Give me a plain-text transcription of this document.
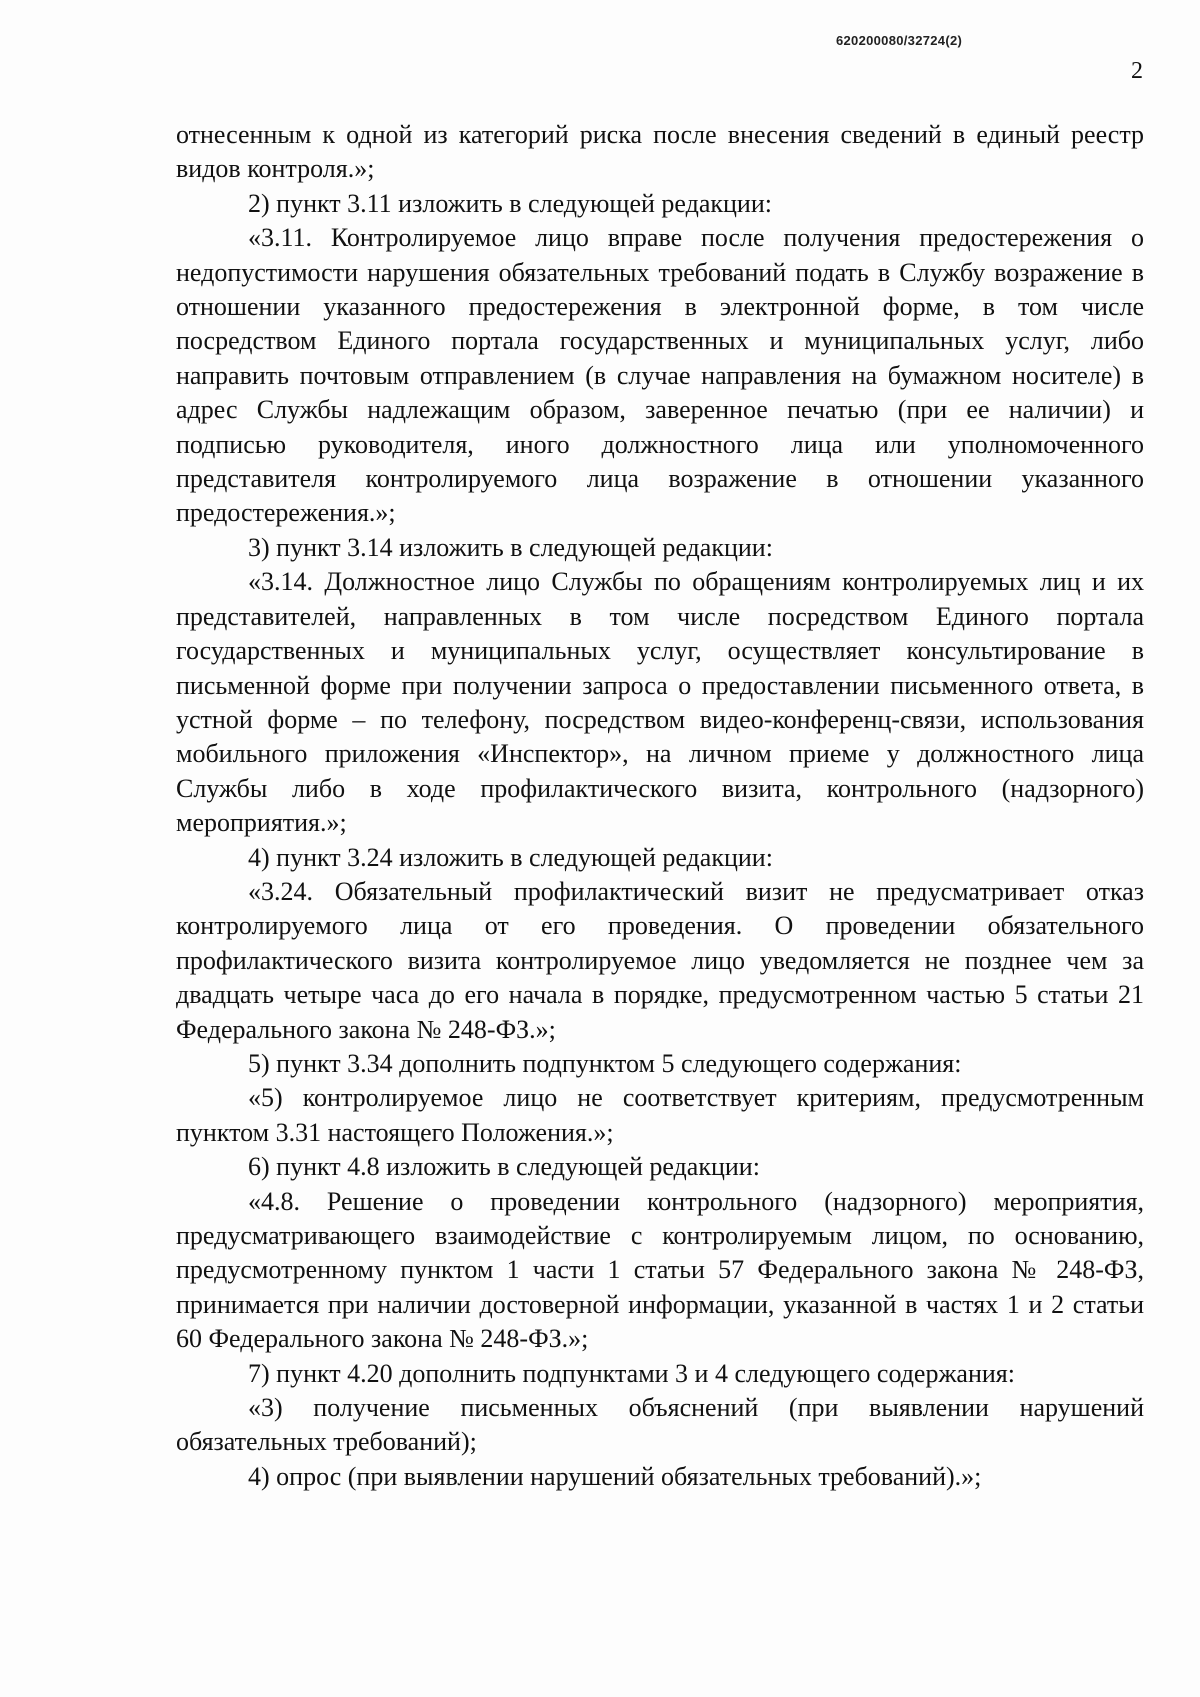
620200080/32724(2)
2

отнесенным к одной из категорий риска после внесения сведений в единый реестр видов контроля.»;

2) пункт 3.11 изложить в следующей редакции:

«3.11. Контролируемое лицо вправе после получения предостережения о недопустимости нарушения обязательных требований подать в Службу возражение в отношении указанного предостережения в электронной форме, в том числе посредством Единого портала государственных и муниципальных услуг, либо направить почтовым отправлением (в случае направления на бумажном носителе) в адрес Службы надлежащим образом, заверенное печатью (при ее наличии) и подписью руководителя, иного должностного лица или уполномоченного представителя контролируемого лица возражение в отношении указанного предостережения.»;

3) пункт 3.14 изложить в следующей редакции:

«3.14. Должностное лицо Службы по обращениям контролируемых лиц и их представителей, направленных в том числе посредством Единого портала государственных и муниципальных услуг, осуществляет консультирование в письменной форме при получении запроса о предоставлении письменного ответа, в устной форме – по телефону, посредством видео-конференц-связи, использования мобильного приложения «Инспектор», на личном приеме у должностного лица Службы либо в ходе профилактического визита, контрольного (надзорного) мероприятия.»;

4) пункт 3.24 изложить в следующей редакции:

«3.24. Обязательный профилактический визит не предусматривает отказ контролируемого лица от его проведения. О проведении обязательного профилактического визита контролируемое лицо уведомляется не позднее чем за двадцать четыре часа до его начала в порядке, предусмотренном частью 5 статьи 21 Федерального закона № 248-ФЗ.»;

5) пункт 3.34 дополнить подпунктом 5 следующего содержания:

«5) контролируемое лицо не соответствует критериям, предусмотренным пунктом 3.31 настоящего Положения.»;

6) пункт 4.8 изложить в следующей редакции:

«4.8. Решение о проведении контрольного (надзорного) мероприятия, предусматривающего взаимодействие с контролируемым лицом, по основанию, предусмотренному пунктом 1 части 1 статьи 57 Федерального закона № 248-ФЗ, принимается при наличии достоверной информации, указанной в частях 1 и 2 статьи 60 Федерального закона № 248-ФЗ.»;

7) пункт 4.20 дополнить подпунктами 3 и 4 следующего содержания:

«3) получение письменных объяснений (при выявлении нарушений обязательных требований);

4) опрос (при выявлении нарушений обязательных требований).»;
